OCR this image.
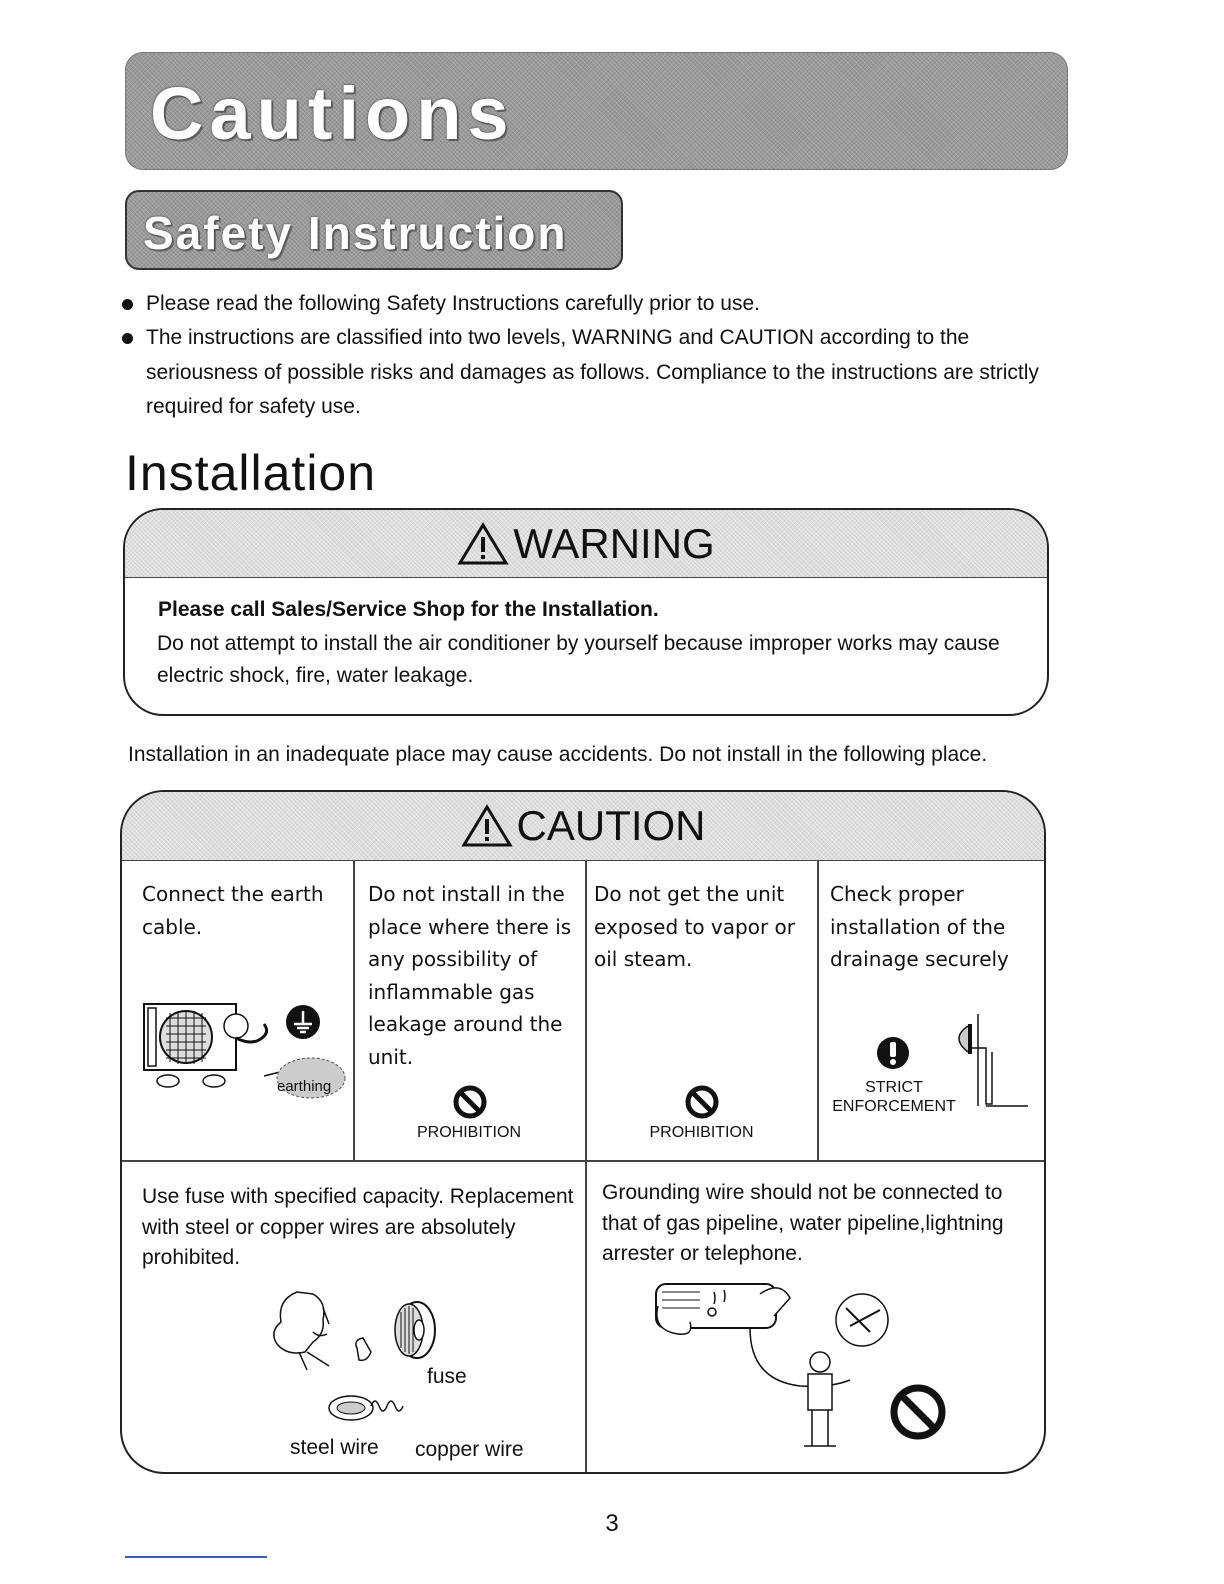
Cautions
Safety Instruction
Please read the following Safety Instructions carefully prior to use.
The instructions are classified into two levels, WARNING and CAUTION according to the seriousness of possible risks and damages as follows. Compliance to the instructions are strictly required for safety use.
Installation
WARNING
Please call Sales/Service Shop for the Installation.
Do not attempt to install the air conditioner by yourself because improper works may cause electric shock, fire, water leakage.
Installation in an inadequate place may cause accidents. Do not install in the following place.
CAUTION
Connect the earth cable.
earthing
Do not install in the place where there is any possibility of inflammable gas leakage around the unit.
PROHIBITION
Do not get the unit exposed to vapor or oil steam.
PROHIBITION
Check proper installation of the drainage securely
STRICT
ENFORCEMENT
Use fuse with specified capacity. Replacement with steel or copper wires are absolutely prohibited.
fuse
steel wire copper wire
Grounding wire should not be connected to that of gas pipeline, water pipeline,lightning arrester or telephone.
3
